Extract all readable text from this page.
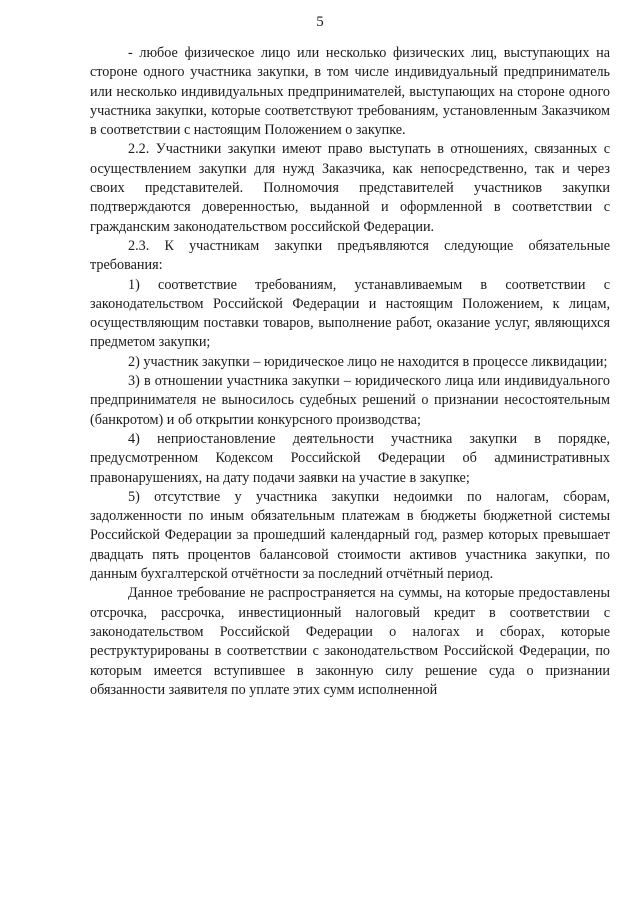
5

- любое физическое лицо или несколько физических лиц, выступающих на стороне одного участника закупки, в том числе индивидуальный предприниматель или несколько индивидуальных предпринимателей, выступающих на стороне одного участника закупки, которые соответствуют требованиям, установленным Заказчиком в соответствии с настоящим Положением о закупке.

2.2. Участники закупки имеют право выступать в отношениях, связанных с осуществлением закупки для нужд Заказчика, как непосредственно, так и через своих представителей. Полномочия представителей участников закупки подтверждаются доверенностью, выданной и оформленной в соответствии с гражданским законодательством российской Федерации.

2.3. К участникам закупки предъявляются следующие обязательные требования:

1) соответствие требованиям, устанавливаемым в соответствии с законодательством Российской Федерации и настоящим Положением, к лицам, осуществляющим поставки товаров, выполнение работ, оказание услуг, являющихся предметом закупки;

2) участник закупки – юридическое лицо не находится в процессе ликвидации;

3) в отношении участника закупки – юридического лица или индивидуального предпринимателя не выносилось судебных решений о признании несостоятельным (банкротом) и об открытии конкурсного производства;

4) неприостановление деятельности участника закупки в порядке, предусмотренном Кодексом Российской Федерации об административных правонарушениях, на дату подачи заявки на участие в закупке;

5) отсутствие у участника закупки недоимки по налогам, сборам, задолженности по иным обязательным платежам в бюджеты бюджетной системы Российской Федерации за прошедший календарный год, размер которых превышает двадцать пять процентов балансовой стоимости активов участника закупки, по данным бухгалтерской отчётности за последний отчётный период.

Данное требование не распространяется на суммы, на которые предоставлены отсрочка, рассрочка, инвестиционный налоговый кредит в соответствии с законодательством Российской Федерации о налогах и сборах, которые реструктурированы в соответствии с законодательством Российской Федерации, по которым имеется вступившее в законную силу решение суда о признании обязанности заявителя по уплате этих сумм исполненной
